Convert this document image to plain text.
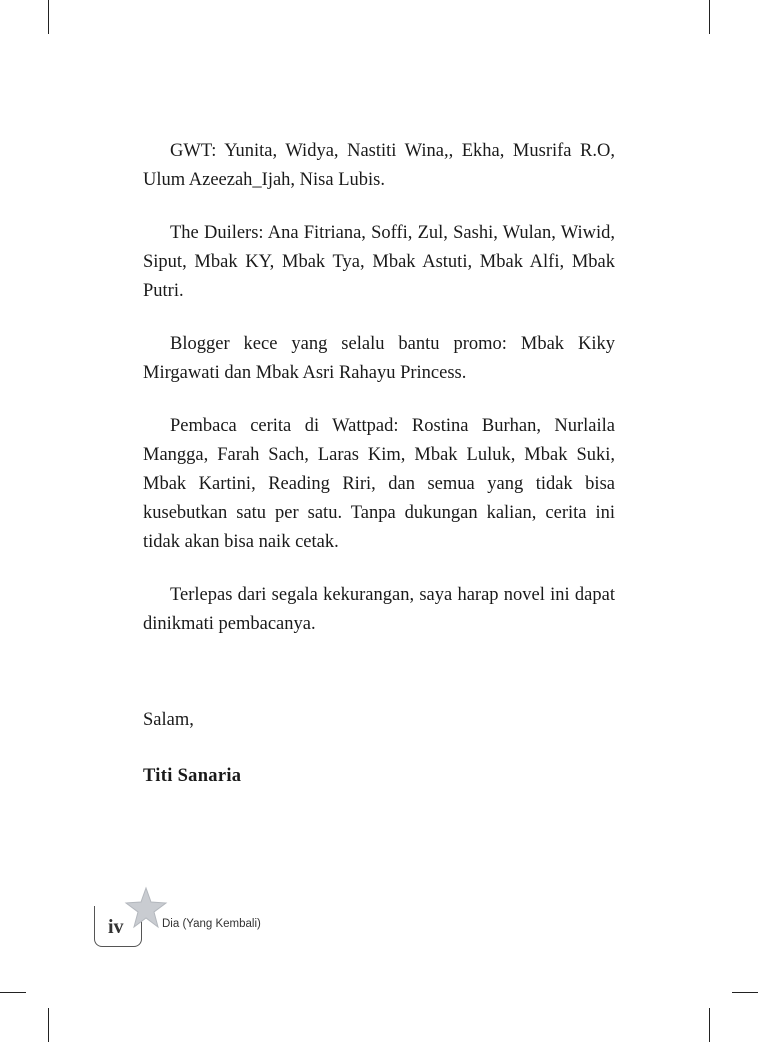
GWT: Yunita, Widya, Nastiti Wina,, Ekha, Musrifa R.O, Ulum Azeezah_Ijah, Nisa Lubis.

The Duilers: Ana Fitriana, Soffi, Zul, Sashi, Wulan, Wiwid, Siput, Mbak KY, Mbak Tya, Mbak Astuti, Mbak Alfi, Mbak Putri.

Blogger kece yang selalu bantu promo: Mbak Kiky Mirgawati dan Mbak Asri Rahayu Princess.

Pembaca cerita di Wattpad: Rostina Burhan, Nurlaila Mangga, Farah Sach, Laras Kim, Mbak Luluk, Mbak Suki, Mbak Kartini, Reading Riri, dan semua yang tidak bisa kusebutkan satu per satu. Tanpa dukungan kalian, cerita ini tidak akan bisa naik cetak.

Terlepas dari segala kekurangan, saya harap novel ini dapat dinikmati pembacanya.

Salam,
Titi Sanaria
iv	Dia (Yang Kembali)
